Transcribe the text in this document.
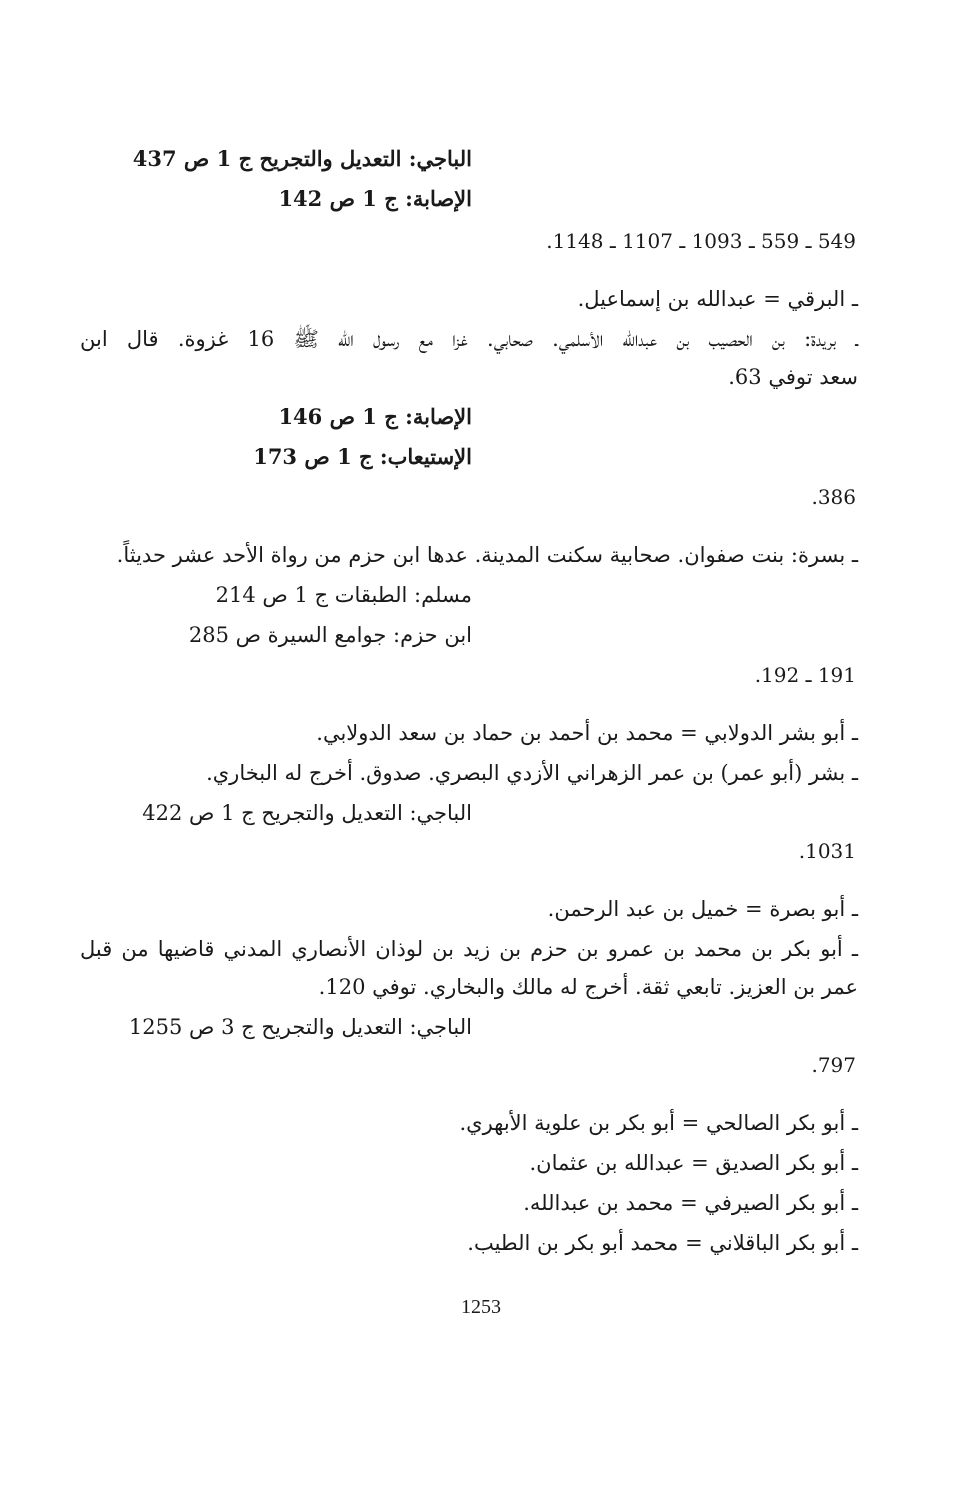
الباجي: التعديل والتجريح ج 1 ص 437

الإصابة: ج 1 ص 142

549 ـ 559 ـ 1093 ـ 1107 ـ 1148.

ـ البرقي = عبدالله بن إسماعيل.

ـ بريدة: بن الحصيب بن عبدالله الأسلمي. صحابي. غزا مع رسول الله ﷺ 16 غزوة. قال ابن

سعد توفي 63.

الإصابة: ج 1 ص 146

الإستيعاب: ج 1 ص 173

386.

ـ بسرة: بنت صفوان. صحابية سكنت المدينة. عدها ابن حزم من رواة الأحد عشر حديثاً.

مسلم: الطبقات ج 1 ص 214

ابن حزم: جوامع السيرة ص 285

191 ـ 192.

ـ أبو بشر الدولابي = محمد بن أحمد بن حماد بن سعد الدولابي.

ـ بشر (أبو عمر) بن عمر الزهراني الأزدي البصري. صدوق. أخرج له البخاري.

الباجي: التعديل والتجريح ج 1 ص 422

1031.

ـ أبو بصرة = خميل بن عبد الرحمن.

ـ أبو بكر بن محمد بن عمرو بن حزم بن زيد بن لوذان الأنصاري المدني قاضيها من قبل

عمر بن العزيز. تابعي ثقة. أخرج له مالك والبخاري. توفي 120.

الباجي: التعديل والتجريح ج 3 ص 1255

797.

ـ أبو بكر الصالحي = أبو بكر بن علوية الأبهري.

ـ أبو بكر الصديق = عبدالله بن عثمان.

ـ أبو بكر الصيرفي = محمد بن عبدالله.

ـ أبو بكر الباقلاني = محمد أبو بكر بن الطيب.

1253
